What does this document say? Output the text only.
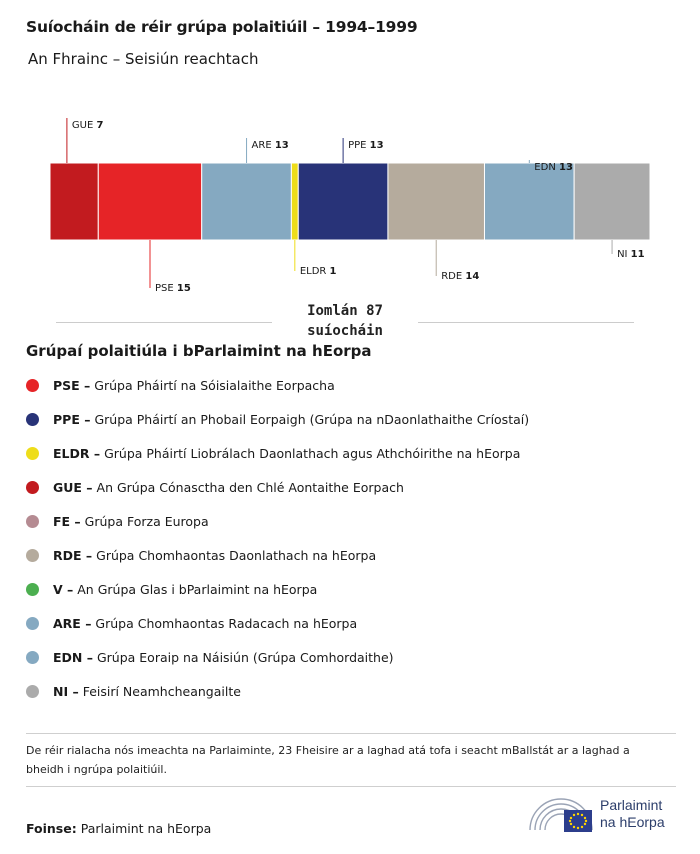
Suíocháin de réir grúpa polaitiúil – 1994–1999
An Fhrainc – Seisiún reachtach
GUE 7
PSE 15
ARE 13
ELDR 1
PPE 13
RDE 14
EDN 13
NI 11
Iomlán 87
suíocháin
Grúpaí polaitiúla i bParlaimint na hEorpa
PSE – Grúpa Pháirtí na Sóisialaithe Eorpacha
PPE – Grúpa Pháirtí an Phobail Eorpaigh (Grúpa na nDaonlathaithe Críostaí)
ELDR – Grúpa Pháirtí Liobrálach Daonlathach agus Athchóirithe na hEorpa
GUE – An Grúpa Cónasctha den Chlé Aontaithe Eorpach
FE – Grúpa Forza Europa
RDE – Grúpa Chomhaontas Daonlathach na hEorpa
V – An Grúpa Glas i bParlaimint na hEorpa
ARE – Grúpa Chomhaontas Radacach na hEorpa
EDN – Grúpa Eoraip na Náisiún (Grúpa Comhordaithe)
NI – Feisirí Neamhcheangailte
De réir rialacha nós imeachta na Parlaiminte, 23 Fheisire ar a laghad atá tofa i seacht mBallstát ar a laghad a bheidh i ngrúpa polaitiúil.
Foinse: Parlaimint na hEorpa
Parlaimint
na hEorpa
